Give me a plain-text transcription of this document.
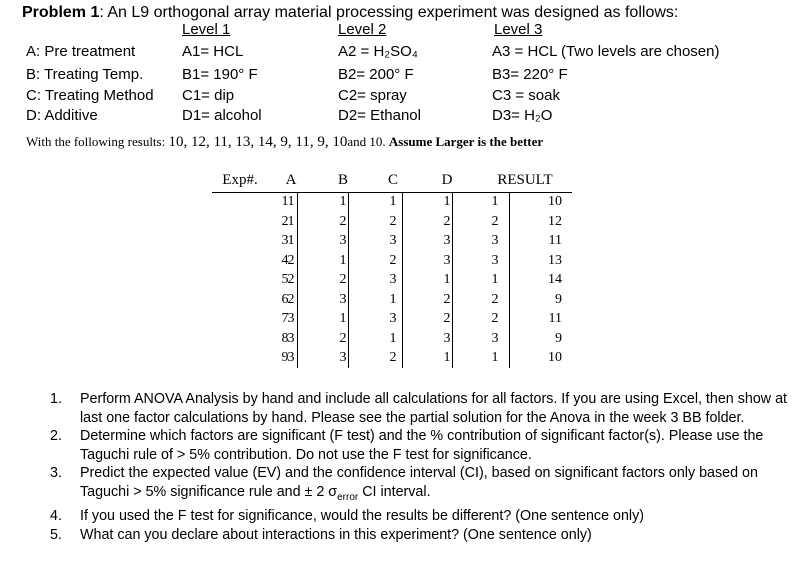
Problem 1: An L9 orthogonal array material processing experiment was designed as follows:
Level 1	Level 2	Level 3
A: Pre treatment	A1= HCL	A2 = H₂SO₄	A3 = HCL (Two levels are chosen)
B: Treating Temp.	B1= 190° F	B2= 200° F	B3= 220° F
C: Treating Method C1= dip	C2= spray	C3 = soak
D: Additive	D1= alcohol	D2= Ethanol	D3= H₂O
With the following results: 10, 12, 11, 13, 14, 9, 11, 9, 10and 10. Assume Larger is the better
Exp#.	A	B	C	D	RESULT
1 1	1	1	1	1	10
2 1	2	2	2	2	12
3 1	3	3	3	3	11
4 2	1	2	3	3	13
5 2	2	3	1	1	14
6 2	3	1	2	2	9
7 3	1	3	2	2	11
8 3	2	1	3	3	9
9 3	3	2	1	1	10
1. Perform ANOVA Analysis by hand and include all calculations for all factors. If you are using Excel, then show at last one factor calculations by hand. Please see the partial solution for the Anova in the week 3 BB folder.
2. Determine which factors are significant (F test) and the % contribution of significant factor(s). Please use the Taguchi rule of > 5% contribution. Do not use the F test for significance.
3. Predict the expected value (EV) and the confidence interval (CI), based on significant factors only based on Taguchi > 5% significance rule and ± 2 $\sigma_{error}$ CI interval.
4. If you used the F test for significance, would the results be different? (One sentence only)
5. What can you declare about interactions in this experiment? (One sentence only)
